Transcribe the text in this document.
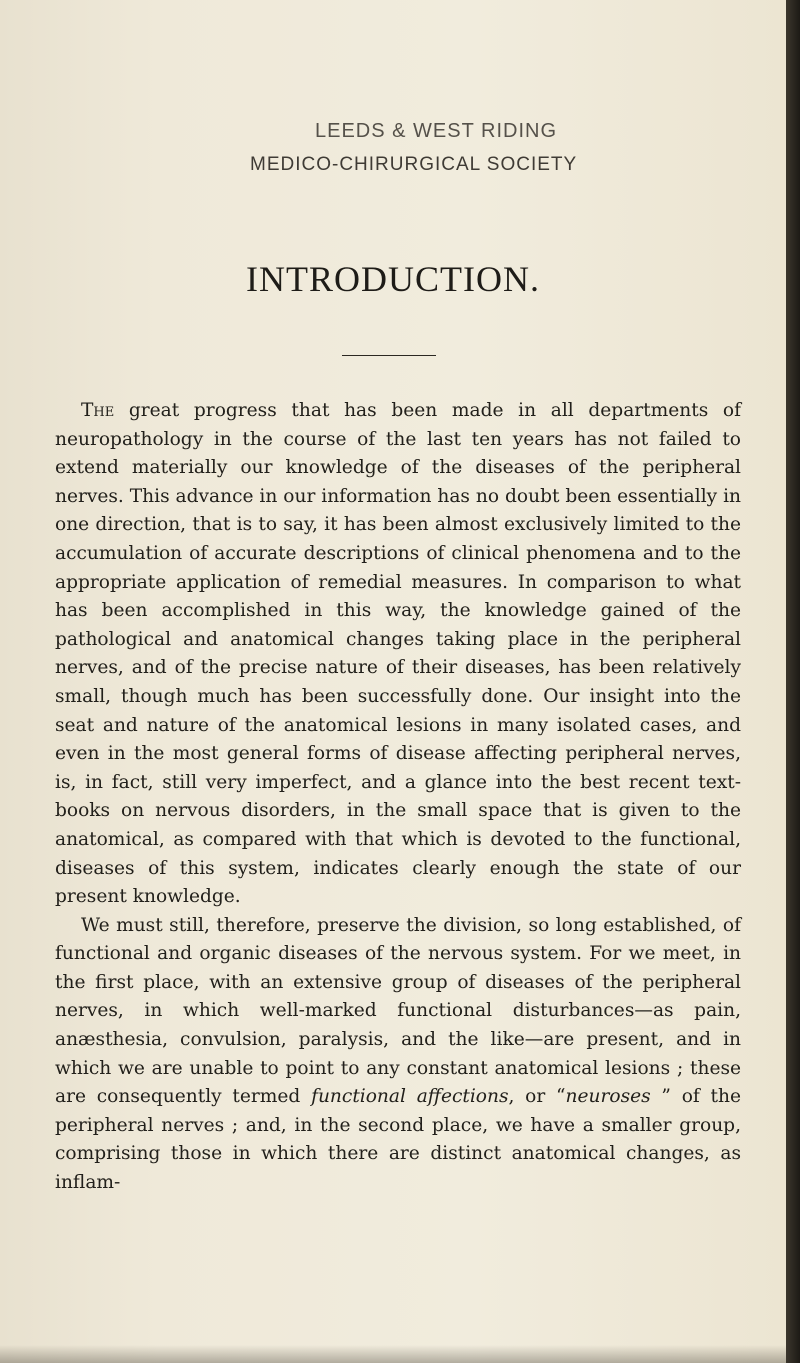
LEEDS & WEST RIDING
MEDICO-CHIRURGICAL SOCIETY
INTRODUCTION.

The great progress that has been made in all departments of neuropathology in the course of the last ten years has not failed to extend materially our knowledge of the diseases of the peripheral nerves. This advance in our information has no doubt been essentially in one direction, that is to say, it has been almost exclusively limited to the accumulation of accurate descriptions of clinical phenomena and to the appropriate application of remedial measures. In comparison to what has been accomplished in this way, the knowledge gained of the pathological and anatomical changes taking place in the peripheral nerves, and of the precise nature of their diseases, has been relatively small, though much has been successfully done. Our insight into the seat and nature of the anatomical lesions in many isolated cases, and even in the most general forms of disease affecting peripheral nerves, is, in fact, still very imperfect, and a glance into the best recent text-books on nervous disorders, in the small space that is given to the anatomical, as compared with that which is devoted to the functional, diseases of this system, indicates clearly enough the state of our present knowledge.

We must still, therefore, preserve the division, so long established, of functional and organic diseases of the nervous system. For we meet, in the first place, with an extensive group of diseases of the peripheral nerves, in which well-marked functional disturbances—as pain, anæsthesia, convulsion, paralysis, and the like—are present, and in which we are unable to point to any constant anatomical lesions ; these are consequently termed functional affections, or “neuroses ” of the peripheral nerves ; and, in the second place, we have a smaller group, comprising those in which there are distinct anatomical changes, as inflam-
